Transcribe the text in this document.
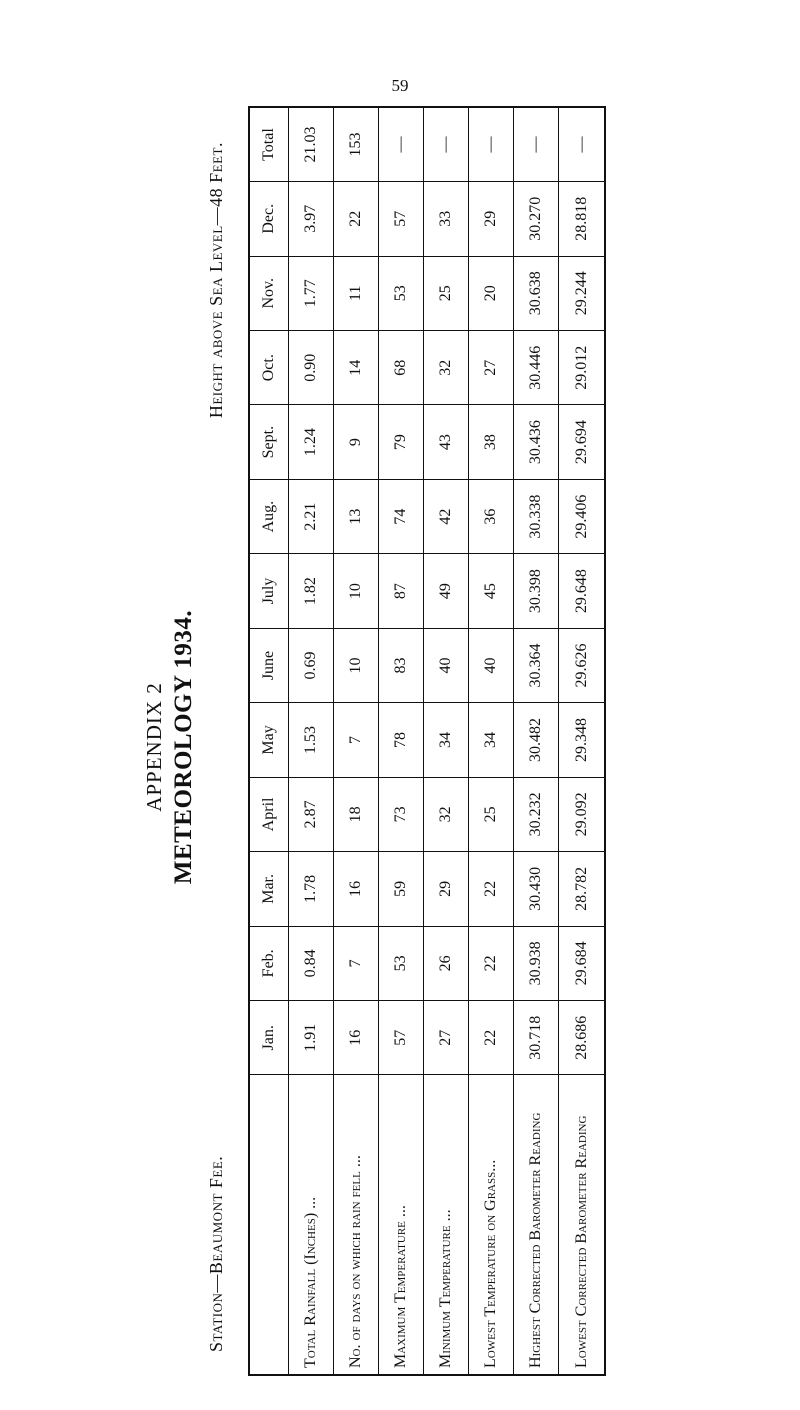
59
APPENDIX 2 METEOROLOGY 1934.
Station—Beaumont Fee.
Height above Sea Level—48 Feet.
	Jan.	Feb.	Mar.	April	May	June	July	Aug.	Sept.	Oct.	Nov.	Dec.	Total
Total Rainfall (Inches) ...	1.91	0.84	1.78	2.87	1.53	0.69	1.82	2.21	1.24	0.90	1.77	3.97	21.03
No. of days on which rain fell ...	16	7	16	18	7	10	10	13	9	14	11	22	153
Maximum Temperature ...	57	53	59	73	78	83	87	74	79	68	53	57	—
Minimum Temperature ...	27	26	29	32	34	40	49	42	43	32	25	33	—
Lowest Temperature on Grass...	22	22	22	25	34	40	45	36	38	27	20	29	—
Highest Corrected Barometer Reading	30.718	30.938	30.430	30.232	30.482	30.364	30.398	30.338	30.436	30.446	30.638	30.270	—
Lowest Corrected Barometer Reading	28.686	29.684	28.782	29.092	29.348	29.626	29.648	29.406	29.694	29.012	29.244	28.818	—
